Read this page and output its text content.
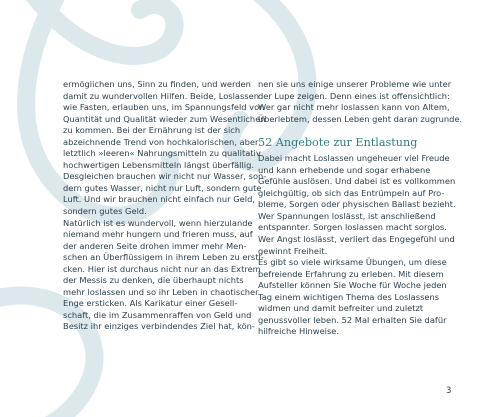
ermöglichen uns, Sinn zu finden, und werden

damit zu wundervollen Hilfen. Beide, Loslassen

wie Fasten, erlauben uns, im Spannungsfeld von

Quantität und Qualität wieder zum Wesentlichen

zu kommen. Bei der Ernährung ist der sich

abzeichnende Trend von hochkalorischen, aber

letztlich »leeren« Nahrungsmitteln zu qualitativ

hochwertigen Lebensmitteln längst überfällig.

Desgleichen brauchen wir nicht nur Wasser, son-

dern gutes Wasser, nicht nur Luft, sondern gute

Luft. Und wir brauchen nicht einfach nur Geld,

sondern gutes Geld.

Natürlich ist es wundervoll, wenn hierzulande

niemand mehr hungern und frieren muss, auf

der anderen Seite drohen immer mehr Men-

schen an Überflüssigem in ihrem Leben zu ersti-

cken. Hier ist durchaus nicht nur an das Extrem

der Messis zu denken, die überhaupt nichts

mehr loslassen und so ihr Leben in chaotischer

Enge ersticken. Als Karikatur einer Gesell-

schaft, die im Zusammenraffen von Geld und

Besitz ihr einziges verbindendes Ziel hat, kön-

nen sie uns einige unserer Probleme wie unter

der Lupe zeigen. Denn eines ist offensichtlich:

Wer gar nicht mehr loslassen kann von Altem,

Überlebtem, dessen Leben geht daran zugrunde.

52 Angebote zur Entlastung

Dabei macht Loslassen ungeheuer viel Freude

und kann erhebende und sogar erhabene

Gefühle auslösen. Und dabei ist es vollkommen

gleichgültig, ob sich das Entrümpeln auf Pro-

bleme, Sorgen oder physischen Ballast bezieht.

Wer Spannungen loslässt, ist anschließend

entspannter. Sorgen loslassen macht sorglos.

Wer Angst loslässt, verliert das Engegefühl und

gewinnt Freiheit.

Es gibt so viele wirksame Übungen, um diese

befreiende Erfahrung zu erleben. Mit diesem

Aufsteller können Sie Woche für Woche jeden

Tag einem wichtigen Thema des Loslassens

widmen und damit befreiter und zuletzt

genussvoller leben. 52 Mal erhalten Sie dafür

hilfreiche Hinweise.

3
